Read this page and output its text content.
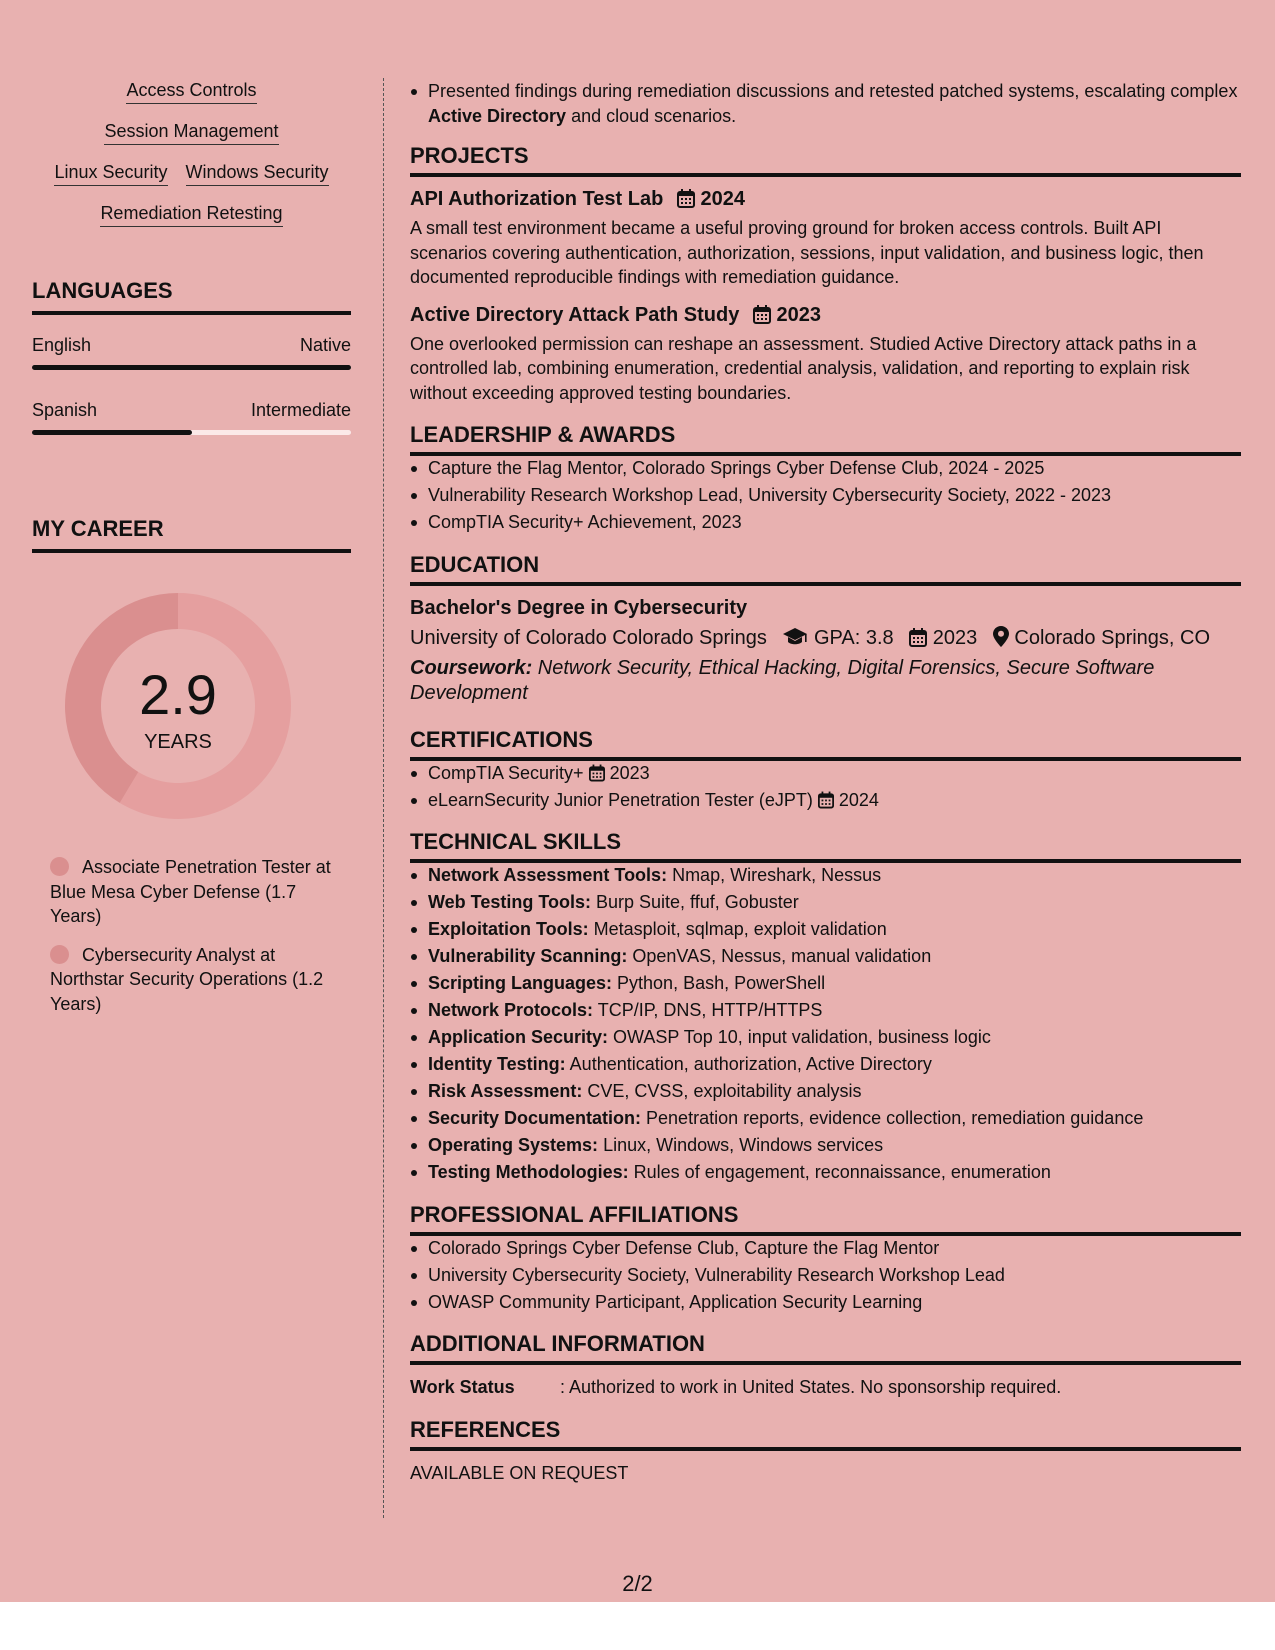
Access Controls
Session Management
Linux Security Windows Security
Remediation Retesting
LANGUAGES
English	Native
Spanish	Intermediate
MY CAREER
2.9
YEARS
Associate Penetration Tester at Blue Mesa Cyber Defense (1.7 Years)
Cybersecurity Analyst at Northstar Security Operations (1.2 Years)
Presented findings during remediation discussions and retested patched systems, escalating complex Active Directory and cloud scenarios.
PROJECTS
API Authorization Test Lab 2024
A small test environment became a useful proving ground for broken access controls. Built API scenarios covering authentication, authorization, sessions, input validation, and business logic, then documented reproducible findings with remediation guidance.
Active Directory Attack Path Study 2023
One overlooked permission can reshape an assessment. Studied Active Directory attack paths in a controlled lab, combining enumeration, credential analysis, validation, and reporting to explain risk without exceeding approved testing boundaries.
LEADERSHIP & AWARDS
Capture the Flag Mentor, Colorado Springs Cyber Defense Club, 2024 - 2025
Vulnerability Research Workshop Lead, University Cybersecurity Society, 2022 - 2023
CompTIA Security+ Achievement, 2023
EDUCATION
Bachelor's Degree in Cybersecurity
University of Colorado Colorado Springs GPA: 3.8 2023 Colorado Springs, CO
Coursework: Network Security, Ethical Hacking, Digital Forensics, Secure Software Development
CERTIFICATIONS
CompTIA Security+ 2023
eLearnSecurity Junior Penetration Tester (eJPT) 2024
TECHNICAL SKILLS
Network Assessment Tools: Nmap, Wireshark, Nessus
Web Testing Tools: Burp Suite, ffuf, Gobuster
Exploitation Tools: Metasploit, sqlmap, exploit validation
Vulnerability Scanning: OpenVAS, Nessus, manual validation
Scripting Languages: Python, Bash, PowerShell
Network Protocols: TCP/IP, DNS, HTTP/HTTPS
Application Security: OWASP Top 10, input validation, business logic
Identity Testing: Authentication, authorization, Active Directory
Risk Assessment: CVE, CVSS, exploitability analysis
Security Documentation: Penetration reports, evidence collection, remediation guidance
Operating Systems: Linux, Windows, Windows services
Testing Methodologies: Rules of engagement, reconnaissance, enumeration
PROFESSIONAL AFFILIATIONS
Colorado Springs Cyber Defense Club, Capture the Flag Mentor
University Cybersecurity Society, Vulnerability Research Workshop Lead
OWASP Community Participant, Application Security Learning
ADDITIONAL INFORMATION
Work Status	: Authorized to work in United States. No sponsorship required.
REFERENCES
AVAILABLE ON REQUEST
2/2
